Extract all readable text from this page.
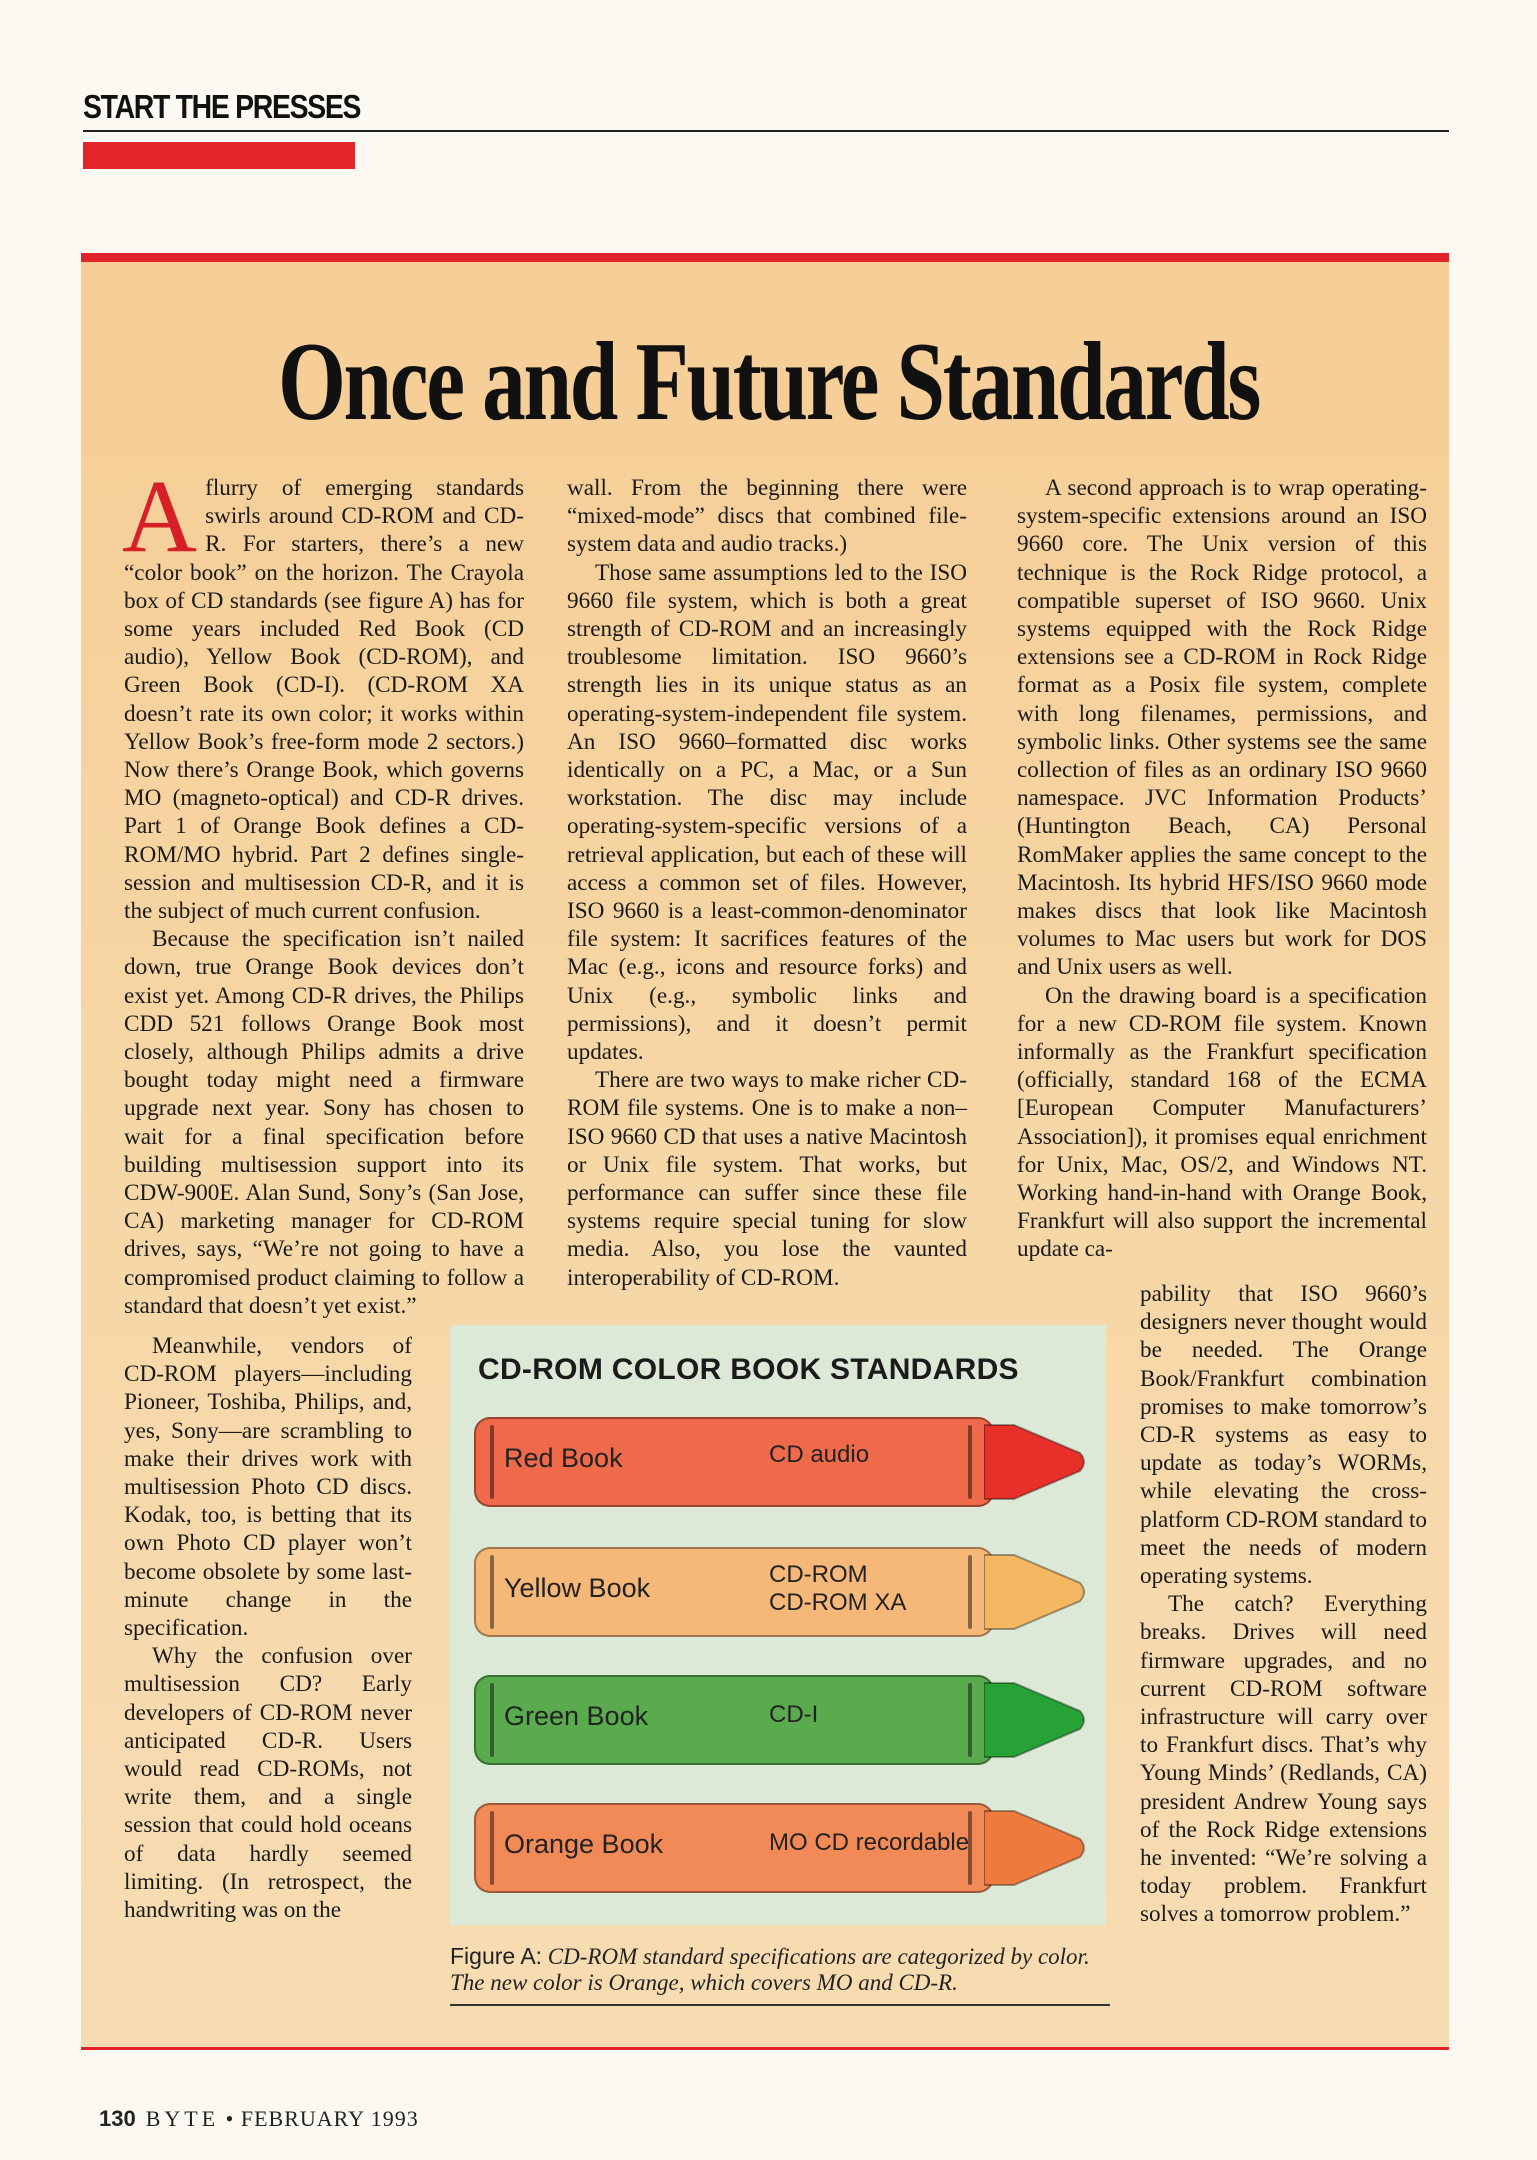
START THE PRESSES
Once and Future Standards

Aflurry of emerging standards swirls around CD-ROM and CD-R. For starters, there’s a new “color book” on the horizon. The Crayola box of CD standards (see figure A) has for some years included Red Book (CD audio), Yellow Book (CD-ROM), and Green Book (CD-I). (CD-ROM XA doesn’t rate its own color; it works within Yellow Book’s free-form mode 2 sectors.) Now there’s Orange Book, which governs MO (magneto-optical) and CD-R drives. Part 1 of Orange Book defines a CD-ROM/MO hybrid. Part 2 defines single-session and multisession CD-R, and it is the subject of much current confusion.

Because the specification isn’t nailed down, true Orange Book devices don’t exist yet. Among CD-R drives, the Philips CDD 521 follows Orange Book most closely, although Philips admits a drive bought today might need a firmware upgrade next year. Sony has chosen to wait for a final specification before building multisession support into its CDW-900E. Alan Sund, Sony’s (San Jose, CA) marketing manager for CD-ROM drives, says, “We’re not going to have a compromised product claiming to follow a standard that doesn’t yet exist.”

Meanwhile, vendors of CD-ROM players—including Pioneer, Toshiba, Philips, and, yes, Sony—are scrambling to make their drives work with multisession Photo CD discs. Kodak, too, is betting that its own Photo CD player won’t become obsolete by some last-minute change in the specification.

Why the confusion over multisession CD? Early developers of CD-ROM never anticipated CD-R. Users would read CD-ROMs, not write them, and a single session that could hold oceans of data hardly seemed limiting. (In retrospect, the handwriting was on the

wall. From the beginning there were “mixed-mode” discs that combined file-system data and audio tracks.)

Those same assumptions led to the ISO 9660 file system, which is both a great strength of CD-ROM and an increasingly troublesome limitation. ISO 9660’s strength lies in its unique status as an operating-system-independent file system. An ISO 9660–formatted disc works identically on a PC, a Mac, or a Sun workstation. The disc may include operating-system-specific versions of a retrieval application, but each of these will access a common set of files. However, ISO 9660 is a least-common-denominator file system: It sacrifices features of the Mac (e.g., icons and resource forks) and Unix (e.g., symbolic links and permissions), and it doesn’t permit updates.

There are two ways to make richer CD-ROM file systems. One is to make a non–ISO 9660 CD that uses a native Macintosh or Unix file system. That works, but performance can suffer since these file systems require special tuning for slow media. Also, you lose the vaunted interoperability of CD-ROM.

A second approach is to wrap operating-system-specific extensions around an ISO 9660 core. The Unix version of this technique is the Rock Ridge protocol, a compatible superset of ISO 9660. Unix systems equipped with the Rock Ridge extensions see a CD-ROM in Rock Ridge format as a Posix file system, complete with long filenames, permissions, and symbolic links. Other systems see the same collection of files as an ordinary ISO 9660 namespace. JVC Information Products’ (Huntington Beach, CA) Personal RomMaker applies the same concept to the Macintosh. Its hybrid HFS/ISO 9660 mode makes discs that look like Macintosh volumes to Mac users but work for DOS and Unix users as well.

On the drawing board is a specification for a new CD-ROM file system. Known informally as the Frankfurt specification (officially, standard 168 of the ECMA [European Computer Manufacturers’ Association]), it promises equal enrichment for Unix, Mac, OS/2, and Windows NT. Working hand-in-hand with Orange Book, Frankfurt will also support the incremental update ca-

pability that ISO 9660’s designers never thought would be needed. The Orange Book/Frankfurt combination promises to make tomorrow’s CD-R systems as easy to update as today’s WORMs, while elevating the cross-platform CD-ROM standard to meet the needs of modern operating systems.

The catch? Everything breaks. Drives will need firmware upgrades, and no current CD-ROM software infrastructure will carry over to Frankfurt discs. That’s why Young Minds’ (Redlands, CA) president Andrew Young says of the Rock Ridge extensions he invented: “We’re solving a today problem. Frankfurt solves a tomorrow problem.”

CD-ROM COLOR BOOK STANDARDS
Red Book	CD audio
Yellow Book	CD-ROM
CD-ROM XA
Green Book	CD-I
Orange Book	MO CD recordable
Figure A: CD-ROM standard specifications are categorized by color. The new color is Orange, which covers MO and CD-R.
130 BYTE • FEBRUARY 1993
